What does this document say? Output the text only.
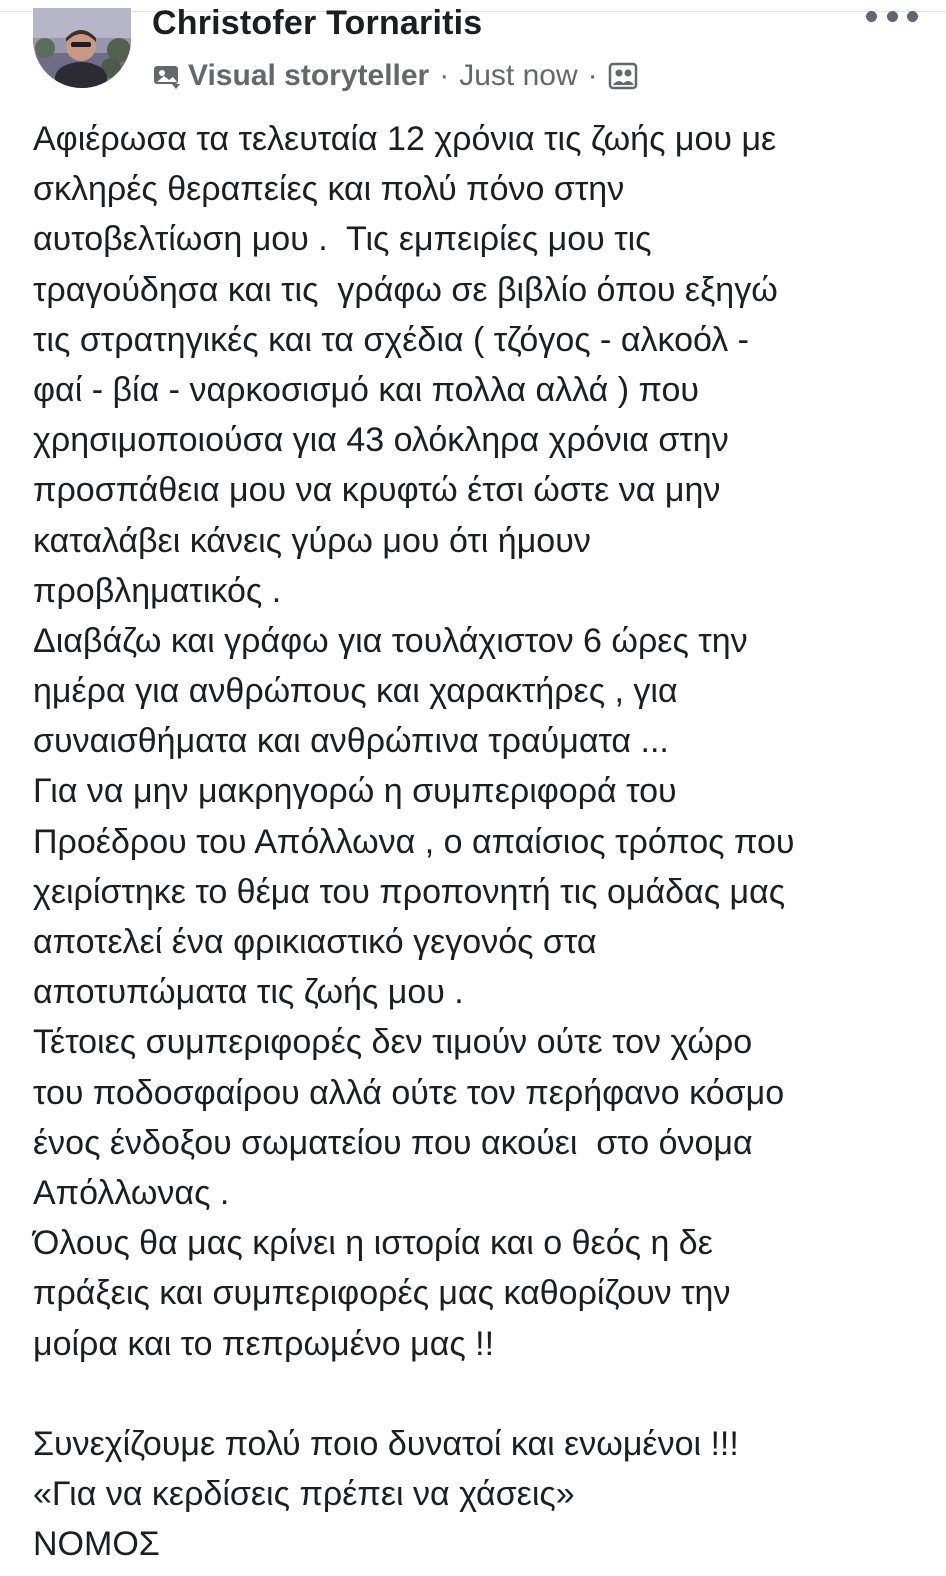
Christofer Tornaritis
Visual storyteller · Just now ·
Αφιέρωσα τα τελευταία 12 χρόνια τις ζωής μου με
σκληρές θεραπείες και πολύ πόνο στην
αυτοβελτίωση μου .  Τις εμπειρίες μου τις
τραγούδησα και τις  γράφω σε βιβλίο όπου εξηγώ
τις στρατηγικές και τα σχέδια ( τζόγος - αλκοόλ -
φαί - βία - ναρκοσισμό και πολλα αλλά ) που
χρησιμοποιούσα για 43 ολόκληρα χρόνια στην
προσπάθεια μου να κρυφτώ έτσι ώστε να μην
καταλάβει κάνεις γύρω μου ότι ήμουν
προβληματικός .
Διαβάζω και γράφω για τουλάχιστον 6 ώρες την
ημέρα για ανθρώπους και χαρακτήρες , για
συναισθήματα και ανθρώπινα τραύματα ...
Για να μην μακρηγορώ η συμπεριφορά του
Προέδρου του Απόλλωνα , ο απαίσιος τρόπος που
χειρίστηκε το θέμα του προπονητή τις ομάδας μας
αποτελεί ένα φρικιαστικό γεγονός στα
αποτυπώματα τις ζωής μου .
Τέτοιες συμπεριφορές δεν τιμούν ούτε τον χώρο
του ποδοσφαίρου αλλά ούτε τον περήφανο κόσμο
ένος ένδοξου σωματείου που ακούει  στο όνομα
Απόλλωνας .
Όλους θα μας κρίνει η ιστορία και ο θεός η δε
πράξεις και συμπεριφορές μας καθορίζουν την
μοίρα και το πεπρωμένο μας !!
Συνεχίζουμε πολύ ποιο δυνατοί και ενωμένοι !!!
«Για να κερδίσεις πρέπει να χάσεις»
ΝΟΜΟΣ
